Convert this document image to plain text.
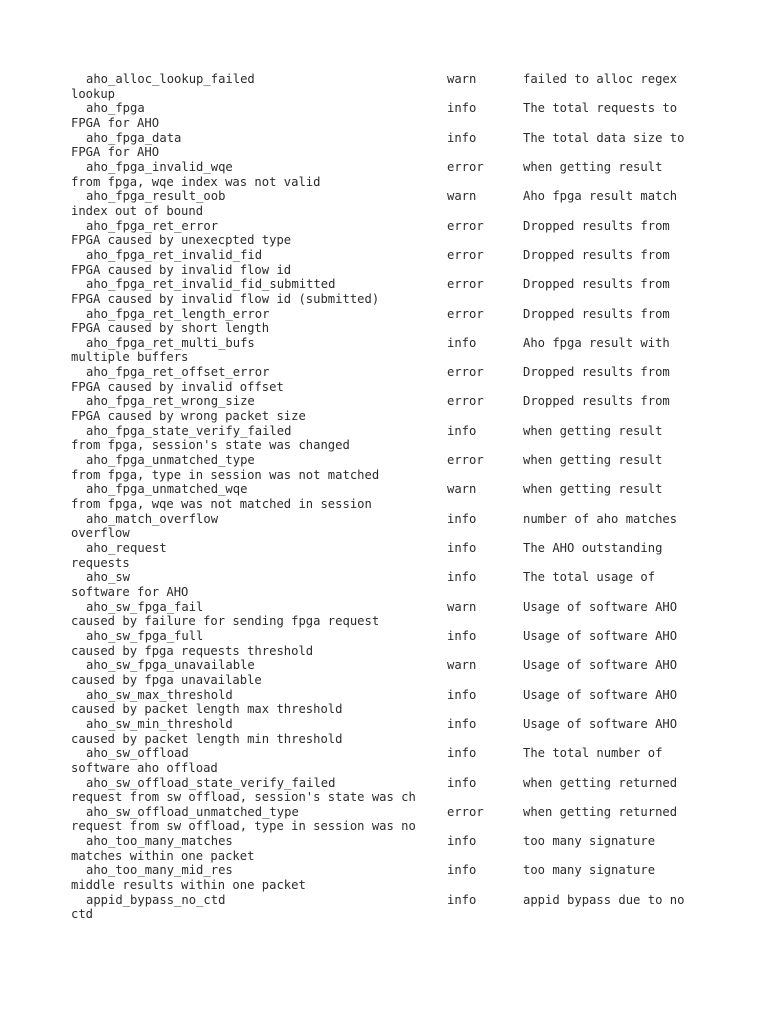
aho_alloc_lookup_failed	warn	failed to alloc regex
lookup
aho_fpga	info	The total requests to
FPGA for AHO
aho_fpga_data	info	The total data size to
FPGA for AHO
aho_fpga_invalid_wqe	error	when getting result
from fpga, wqe index was not valid
aho_fpga_result_oob	warn	Aho fpga result match
index out of bound
aho_fpga_ret_error	error	Dropped results from
FPGA caused by unexecpted type
aho_fpga_ret_invalid_fid	error	Dropped results from
FPGA caused by invalid flow id
aho_fpga_ret_invalid_fid_submitted	error	Dropped results from
FPGA caused by invalid flow id (submitted)
aho_fpga_ret_length_error	error	Dropped results from
FPGA caused by short length
aho_fpga_ret_multi_bufs	info	Aho fpga result with
multiple buffers
aho_fpga_ret_offset_error	error	Dropped results from
FPGA caused by invalid offset
aho_fpga_ret_wrong_size	error	Dropped results from
FPGA caused by wrong packet size
aho_fpga_state_verify_failed	info	when getting result
from fpga, session's state was changed
aho_fpga_unmatched_type	error	when getting result
from fpga, type in session was not matched
aho_fpga_unmatched_wqe	warn	when getting result
from fpga, wqe was not matched in session
aho_match_overflow	info	number of aho matches
overflow
aho_request	info	The AHO outstanding
requests
aho_sw	info	The total usage of
software for AHO
aho_sw_fpga_fail	warn	Usage of software AHO
caused by failure for sending fpga request
aho_sw_fpga_full	info	Usage of software AHO
caused by fpga requests threshold
aho_sw_fpga_unavailable	warn	Usage of software AHO
caused by fpga unavailable
aho_sw_max_threshold	info	Usage of software AHO
caused by packet length max threshold
aho_sw_min_threshold	info	Usage of software AHO
caused by packet length min threshold
aho_sw_offload	info	The total number of
software aho offload
aho_sw_offload_state_verify_failed	info	when getting returned
request from sw offload, session's state was ch
aho_sw_offload_unmatched_type	error	when getting returned
request from sw offload, type in session was no
aho_too_many_matches	info	too many signature
matches within one packet
aho_too_many_mid_res	info	too many signature
middle results within one packet
appid_bypass_no_ctd	info	appid bypass due to no
ctd
